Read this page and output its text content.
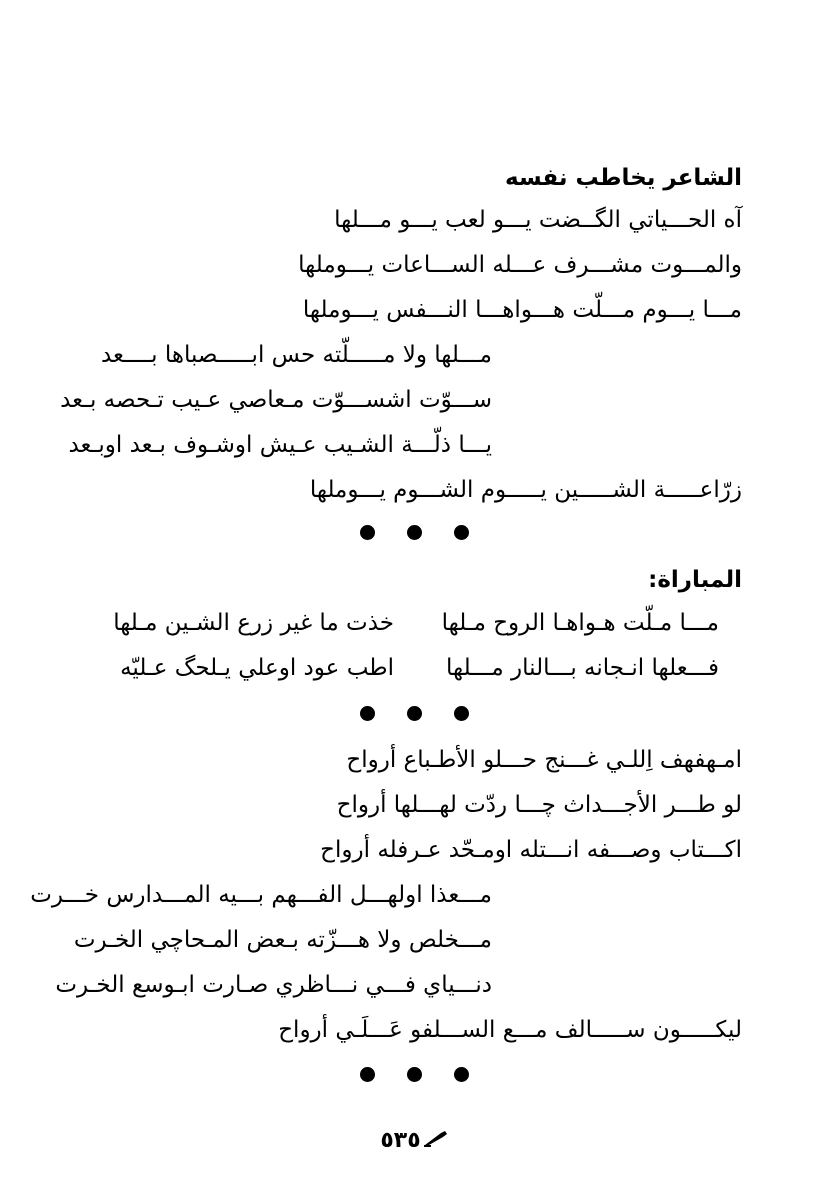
الشاعر يخاطب نفسه
آه الحـــياتي الگــضت يـــو لعب يـــو مـــلها
والمـــوت مشـــرف عـــله الســـاعات يـــوملها
مـــا يـــوم مـــلّت هـــواهـــا النـــفس يـــوملها
مـــلها ولا مـــــلّته حس ابـــــصباها بــــعد
ســـوّت اشســـوّت مـعاصي عـيب تـحصه بـعد
يـــا ذلّـــة الشـيب عـيش اوشـوف بـعد اوبـعد
زرّاعـــــة الشـــــين يـــــوم الشـــوم يـــوملها
المباراة:
مـــا مـلّت هـواهـا الروح مـلها
خذت ما غير زرع الشـين مـلها
فـــعلها انـجانه بـــالنار مـــلها
اطب عود اوعلي يـلحگ عـليّه
امـهفهف اِللـي غـــنج حـــلو الأطـباع أرواح
لو طـــر الأجـــداث چـــا ردّت لهـــلها أرواح
اكـــتاب وصـــفه انـــتله اومـحّد عـرفله أرواح
مـــعذا اولهـــل الفـــهم بـــيه المـــدارس خـــرت
مـــخلص ولا هـــزّته بـعض المـحاچي الخـرت
دنـــياي فـــي نـــاظري صـارت ابـوسع الخـرت
ليكـــــون ســـــالف مـــع الســـلفو عَـــلَـي أرواح
٥٣٥
